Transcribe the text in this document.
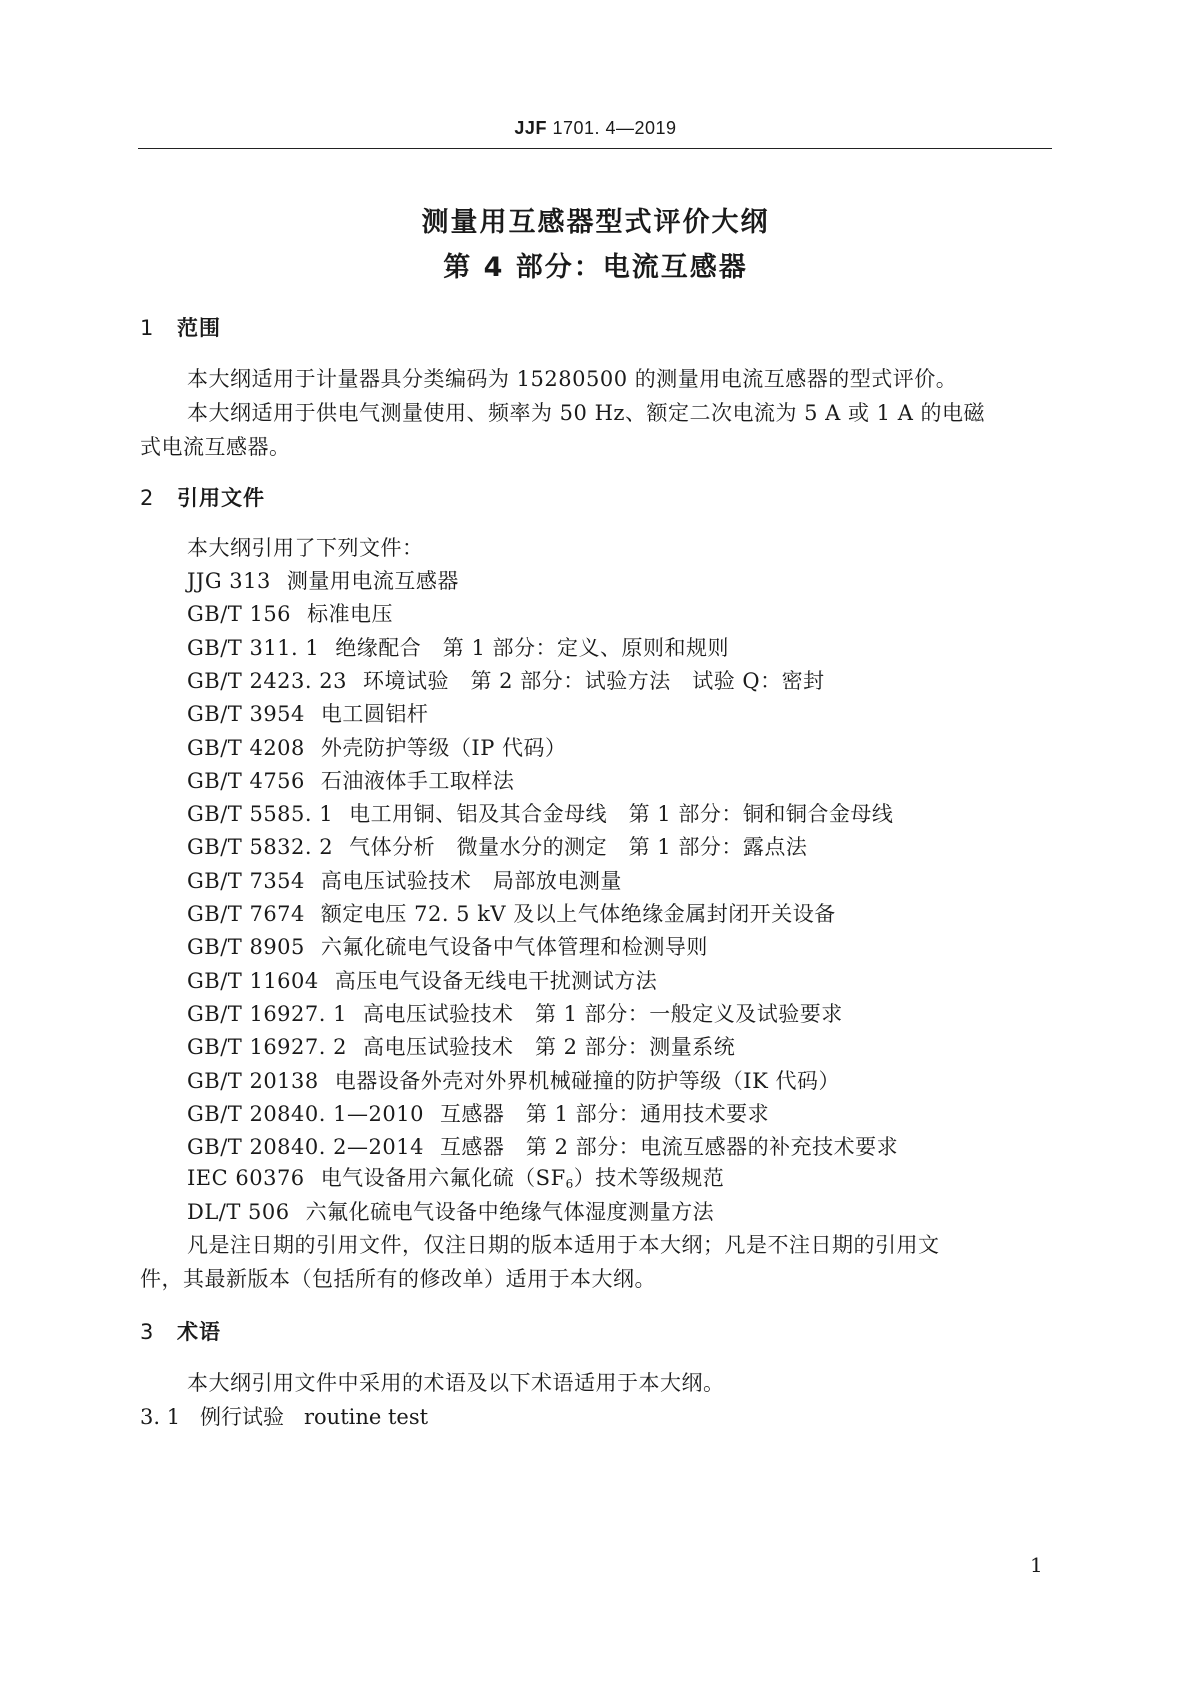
JJF 1701. 4—2019
测量用互感器型式评价大纲
第 4 部分：电流互感器
1 范围
本大纲适用于计量器具分类编码为 15280500 的测量用电流互感器的型式评价。
本大纲适用于供电气测量使用、频率为 50 Hz、额定二次电流为 5 A 或 1 A 的电磁
式电流互感器。
2 引用文件
本大纲引用了下列文件：
JJG 313 测量用电流互感器
GB/T 156 标准电压
GB/T 311. 1 绝缘配合　第 1 部分：定义、原则和规则
GB/T 2423. 23 环境试验　第 2 部分：试验方法　试验 Q：密封
GB/T 3954 电工圆铝杆
GB/T 4208 外壳防护等级（IP 代码）
GB/T 4756 石油液体手工取样法
GB/T 5585. 1 电工用铜、铝及其合金母线　第 1 部分：铜和铜合金母线
GB/T 5832. 2 气体分析　微量水分的测定　第 1 部分：露点法
GB/T 7354 高电压试验技术　局部放电测量
GB/T 7674 额定电压 72. 5 kV 及以上气体绝缘金属封闭开关设备
GB/T 8905 六氟化硫电气设备中气体管理和检测导则
GB/T 11604 高压电气设备无线电干扰测试方法
GB/T 16927. 1 高电压试验技术　第 1 部分：一般定义及试验要求
GB/T 16927. 2 高电压试验技术　第 2 部分：测量系统
GB/T 20138 电器设备外壳对外界机械碰撞的防护等级（IK 代码）
GB/T 20840. 1—2010 互感器　第 1 部分：通用技术要求
GB/T 20840. 2—2014 互感器　第 2 部分：电流互感器的补充技术要求
IEC 60376 电气设备用六氟化硫$(SF_6)$技术等级规范
DL/T 506 六氟化硫电气设备中绝缘气体湿度测量方法
凡是注日期的引用文件，仅注日期的版本适用于本大纲；凡是不注日期的引用文
件，其最新版本（包括所有的修改单）适用于本大纲。
3 术语
本大纲引用文件中采用的术语及以下术语适用于本大纲。
3. 1 例行试验 routine test
1
